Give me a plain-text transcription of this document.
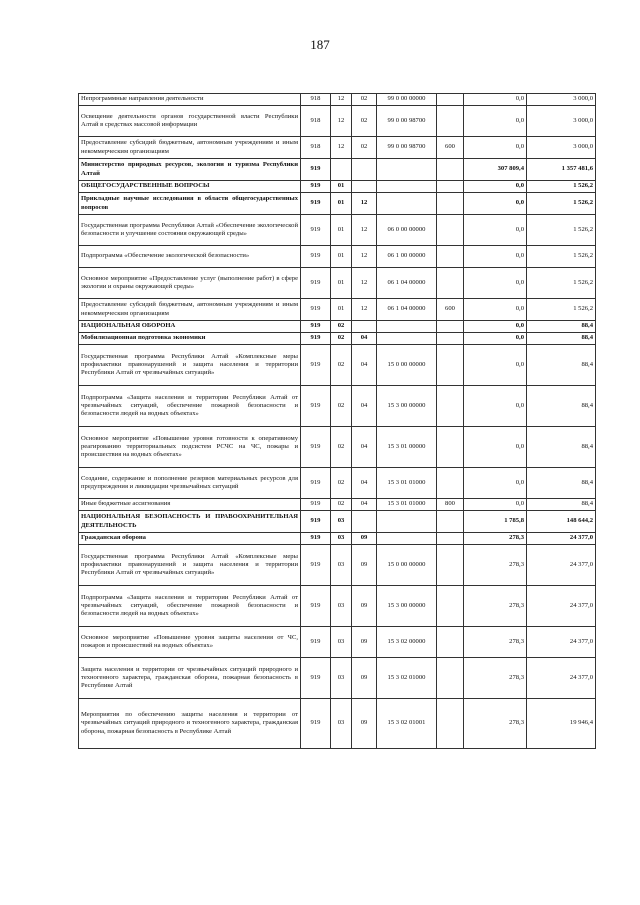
187
Непрограммные направления деятельности	918	12	02	99 0 00 00000		0,0	3 000,0
Освещение деятельности органов государственной власти Республики Алтай в средствах массовой информации	918	12	02	99 0 00 98700		0,0	3 000,0
Предоставление субсидий бюджетным, автономным учреждениям и иным некоммерческим организациям	918	12	02	99 0 00 98700	600	0,0	3 000,0
Министерство природных ресурсов, экологии и туризма Республики Алтай	919					307 809,4	1 357 481,6
ОБЩЕГОСУДАРСТВЕННЫЕ ВОПРОСЫ	919	01				0,0	1 526,2
Прикладные научные исследования в области общегосударственных вопросов	919	01	12			0,0	1 526,2
Государственная программа Республики Алтай «Обеспечение экологической безопасности и улучшение состояния окружающей среды»	919	01	12	06 0 00 00000		0,0	1 526,2
Подпрограмма «Обеспечение экологической безопасности»	919	01	12	06 1 00 00000		0,0	1 526,2
Основное мероприятие «Предоставление услуг (выполнение работ) в сфере экологии и охраны окружающей среды»	919	01	12	06 1 04 00000		0,0	1 526,2
Предоставление субсидий бюджетным, автономным учреждениям и иным некоммерческим организациям	919	01	12	06 1 04 00000	600	0,0	1 526,2
НАЦИОНАЛЬНАЯ ОБОРОНА	919	02				0,0	88,4
Мобилизационная подготовка экономики	919	02	04			0,0	88,4
Государственная программа Республики Алтай «Комплексные меры профилактики правонарушений и защита населения и территории Республики Алтай от чрезвычайных ситуаций»	919	02	04	15 0 00 00000		0,0	88,4
Подпрограмма «Защита населения и территории Республики Алтай от чрезвычайных ситуаций, обеспечение пожарной безопасности и безопасности людей на водных объектах»	919	02	04	15 3 00 00000		0,0	88,4
Основное мероприятие «Повышение уровня готовности к оперативному реагированию территориальных подсистем РСЧС на ЧС, пожары и происшествия на водных объектах»	919	02	04	15 3 01 00000		0,0	88,4
Создание, содержание и пополнение резервов материальных ресурсов для предупреждения и ликвидации чрезвычайных ситуаций	919	02	04	15 3 01 01000		0,0	88,4
Иные бюджетные ассигнования	919	02	04	15 3 01 01000	800	0,0	88,4
НАЦИОНАЛЬНАЯ БЕЗОПАСНОСТЬ И ПРАВООХРАНИТЕЛЬНАЯ ДЕЯТЕЛЬНОСТЬ	919	03				1 785,8	148 644,2
Гражданская оборона	919	03	09			278,3	24 377,0
Государственная программа Республики Алтай «Комплексные меры профилактики правонарушений и защита населения и территории Республики Алтай от чрезвычайных ситуаций»	919	03	09	15 0 00 00000		278,3	24 377,0
Подпрограмма «Защита населения и территории Республики Алтай от чрезвычайных ситуаций, обеспечение пожарной безопасности и безопасности людей на водных объектах»	919	03	09	15 3 00 00000		278,3	24 377,0
Основное мероприятие «Повышение уровня защиты населения от ЧС, пожаров и происшествий на водных объектах»	919	03	09	15 3 02 00000		278,3	24 377,0
Защита населения и территории от чрезвычайных ситуаций природного и техногенного характера, гражданская оборона, пожарная безопасность в Республике Алтай	919	03	09	15 3 02 01000		278,3	24 377,0
Мероприятия по обеспечению защиты населения и территории от чрезвычайных ситуаций природного и техногенного характера, гражданская оборона, пожарная безопасность в Республике Алтай	919	03	09	15 3 02 01001		278,3	19 946,4
